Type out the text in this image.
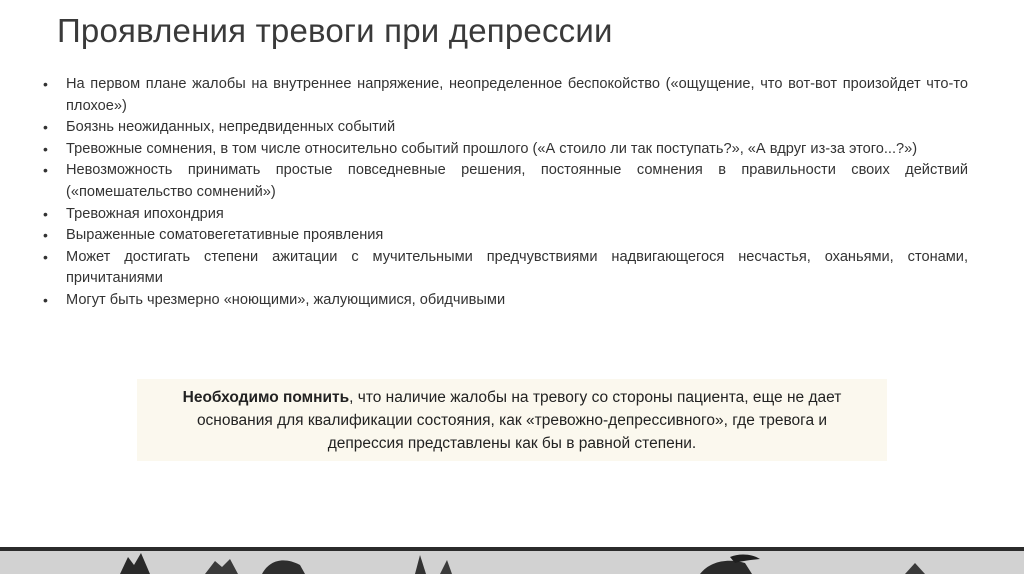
Проявления тревоги при депрессии
• На первом плане жалобы на внутреннее напряжение, неопределенное беспокойство («ощущение, что вот-вот произойдет что-то плохое»)
• Боязнь неожиданных, непредвиденных событий
• Тревожные сомнения, в том числе относительно событий прошлого («А стоило ли так поступать?», «А вдруг из-за этого...?»)
• Невозможность принимать простые повседневные решения, постоянные сомнения в правильности своих действий («помешательство сомнений»)
• Тревожная ипохондрия
• Выраженные соматовегетативные проявления
• Может достигать степени ажитации с мучительными предчувствиями надвигающегося несчастья, оханьями, стонами, причитаниями
• Могут быть чрезмерно «ноющими», жалующимися, обидчивыми
Необходимо помнить, что наличие жалобы на тревогу со стороны пациента, еще не дает основания для квалификации состояния, как «тревожно-депрессивного», где тревога и депрессия представлены как бы в равной степени.
